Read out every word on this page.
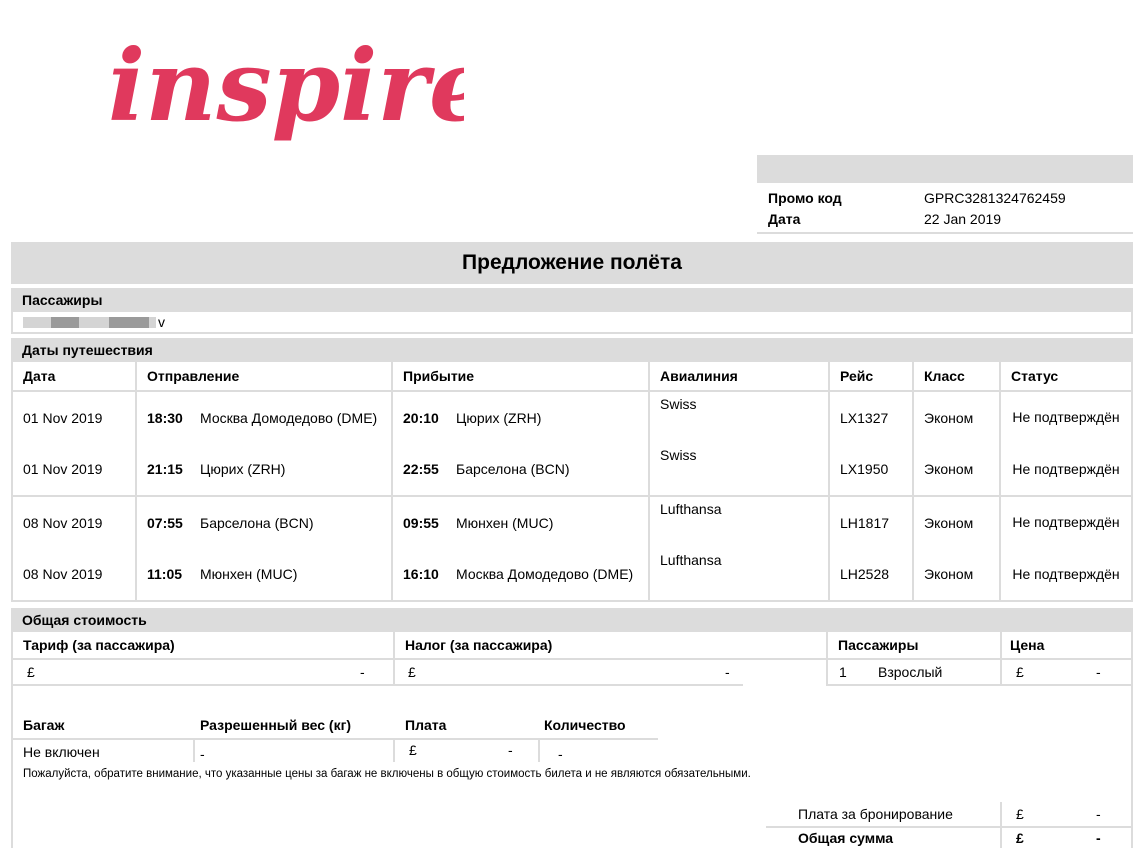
inspire
Промо код	GPRC3281324762459
Дата	22 Jan 2019
Предложение полёта
Пассажиры
v
Даты путешествия
Дата	Отправление	Прибытие	Авиалиния	Рейс	Класс	Статус
01 Nov 2019	18:30 Москва Домодедово (DME)	20:10 Цюрих (ZRH)	Swiss	LX1327	Эконом	Не подтверждён
01 Nov 2019	21:15 Цюрих (ZRH)	22:55 Барселона (BCN)	Swiss	LX1950	Эконом	Не подтверждён

08 Nov 2019	07:55 Барселона (BCN)	09:55 Мюнхен (MUC)	Lufthansa	LH1817	Эконом	Не подтверждён
08 Nov 2019	11:05 Мюнхен (MUC)	16:10 Москва Домодедово (DME)	Lufthansa	LH2528	Эконом	Не подтверждён
Общая стоимость
Тариф (за пассажира)	Налог (за пассажира)	Пассажиры	Цена
£	-	£	-	1 Взрослый	£	-
Багаж	Разрешенный вес (кг)	Плата	Количество
Не включен	-	£	-	-
Пожалуйста, обратите внимание, что указанные цены за багаж не включены в общую стоимость билета и не являются обязательными.
Плата за бронирование	£	-
Общая сумма	£	-
